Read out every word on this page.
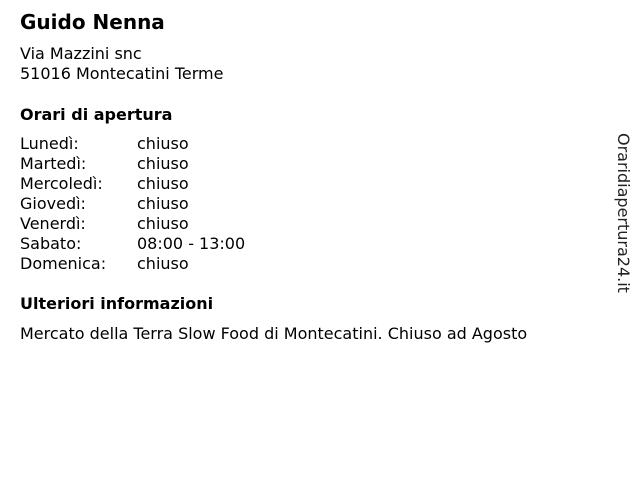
Guido Nenna
Via Mazzini snc
51016 Montecatini Terme
Orari di apertura
Lunedì:	chiuso
Martedì:	chiuso
Mercoledì: chiuso
Giovedì:	chiuso
Venerdì:	chiuso
Sabato:	08:00 - 13:00
Domenica: chiuso
Ulteriori informazioni
Mercato della Terra Slow Food di Montecatini. Chiuso ad Agosto
Oraridiapertura24.it
